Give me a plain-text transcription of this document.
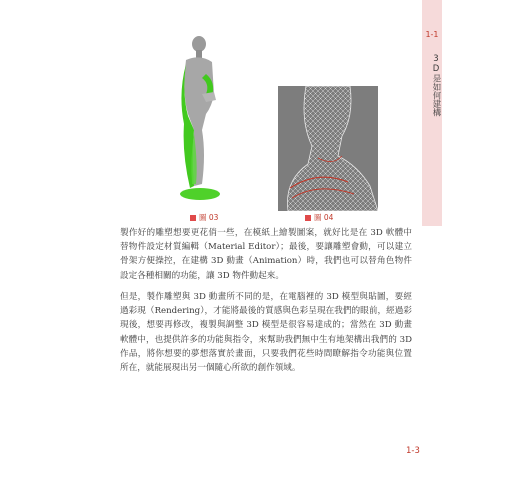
1-1
3D是如何建構
圖 03	圖 04

製作好的雕塑想要更花俏一些，在模紙上繪製圖案，就好比是在 3D 軟體中替物件設定材質編輯（Material Editor）；最後，要讓雕塑會動，可以建立骨架方便操控，在建構 3D 動畫（Animation）時，我們也可以替角色物件設定各種相關的功能，讓 3D 物件動起來。

但是，製作雕塑與 3D 動畫所不同的是，在電腦裡的 3D 模型與貼圖，要經過彩現（Rendering），才能將最後的質感與色彩呈現在我們的眼前，經過彩現後，想要再修改，複製與調整 3D 模型是很容易達成的；當然在 3D 動畫軟體中，也提供許多的功能與指令，來幫助我們無中生有地架構出我們的 3D 作品，將你想要的夢想落實於畫面，只要我們花些時間瞭解指令功能與位置所在，就能展現出另一個隨心所欲的創作領域。

1-3
